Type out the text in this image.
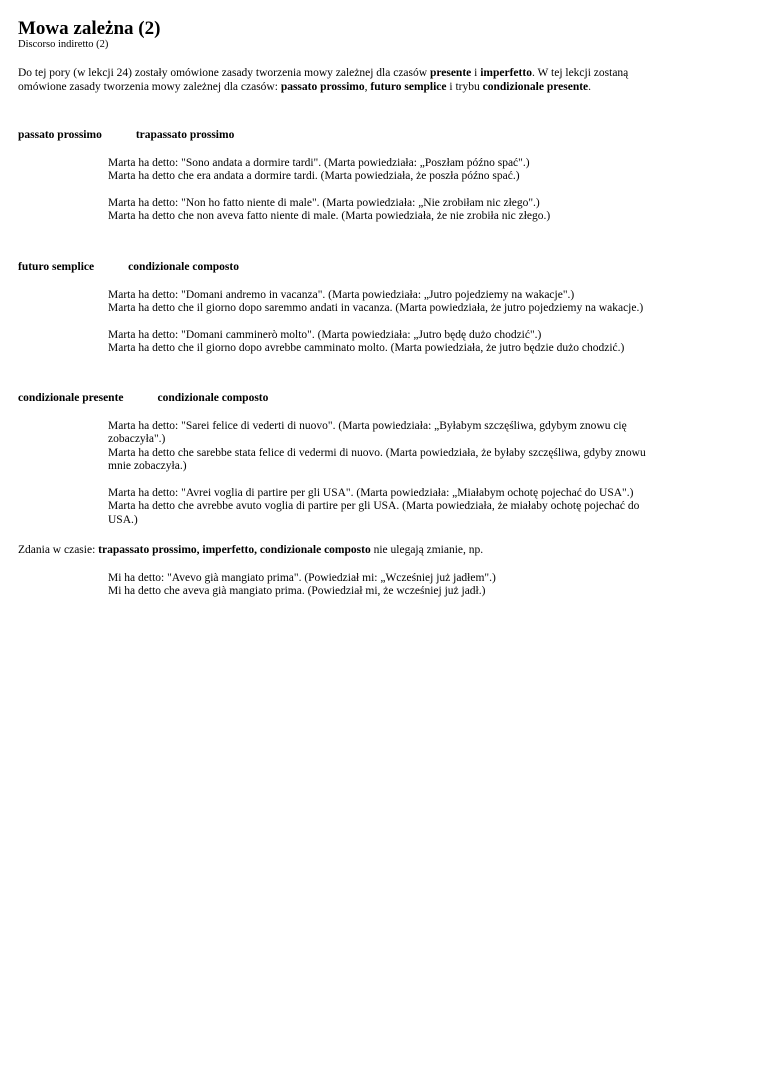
Mowa zależna (2)
Discorso indiretto (2)
Do tej pory (w lekcji 24) zostały omówione zasady tworzenia mowy zależnej dla czasów presente i imperfetto. W tej lekcji zostaną omówione zasady tworzenia mowy zależnej dla czasów: passato prossimo, futuro semplice i trybu condizionale presente.
passato prossimo	trapassato prossimo
Marta ha detto: "Sono andata a dormire tardi". (Marta powiedziała: „Poszłam późno spać".)
Marta ha detto che era andata a dormire tardi. (Marta powiedziała, że poszła późno spać.)
Marta ha detto: "Non ho fatto niente di male". (Marta powiedziała: „Nie zrobiłam nic złego".)
Marta ha detto che non aveva fatto niente di male. (Marta powiedziała, że nie zrobiła nic złego.)
futuro semplice	condizionale composto
Marta ha detto: "Domani andremo in vacanza". (Marta powiedziała: „Jutro pojedziemy na wakacje".)
Marta ha detto che il giorno dopo saremmo andati in vacanza. (Marta powiedziała, że jutro pojedziemy na wakacje.)
Marta ha detto: "Domani camminerò molto". (Marta powiedziała: „Jutro będę dużo chodzić".)
Marta ha detto che il giorno dopo avrebbe camminato molto. (Marta powiedziała, że jutro będzie dużo chodzić.)
condizionale presente	condizionale composto
Marta ha detto: "Sarei felice di vederti di nuovo". (Marta powiedziała: „Byłabym szczęśliwa, gdybym znowu cię zobaczyła".)
Marta ha detto che sarebbe stata felice di vedermi di nuovo. (Marta powiedziała, że byłaby szczęśliwa, gdyby znowu mnie zobaczyła.)
Marta ha detto: "Avrei voglia di partire per gli USA". (Marta powiedziała: „Miałabym ochotę pojechać do USA".)
Marta ha detto che avrebbe avuto voglia di partire per gli USA. (Marta powiedziała, że miałaby ochotę pojechać do USA.)
Zdania w czasie: trapassato prossimo, imperfetto, condizionale composto nie ulegają zmianie, np.
Mi ha detto: "Avevo già mangiato prima". (Powiedział mi: „Wcześniej już jadłem".)
Mi ha detto che aveva già mangiato prima. (Powiedział mi, że wcześniej już jadł.)
